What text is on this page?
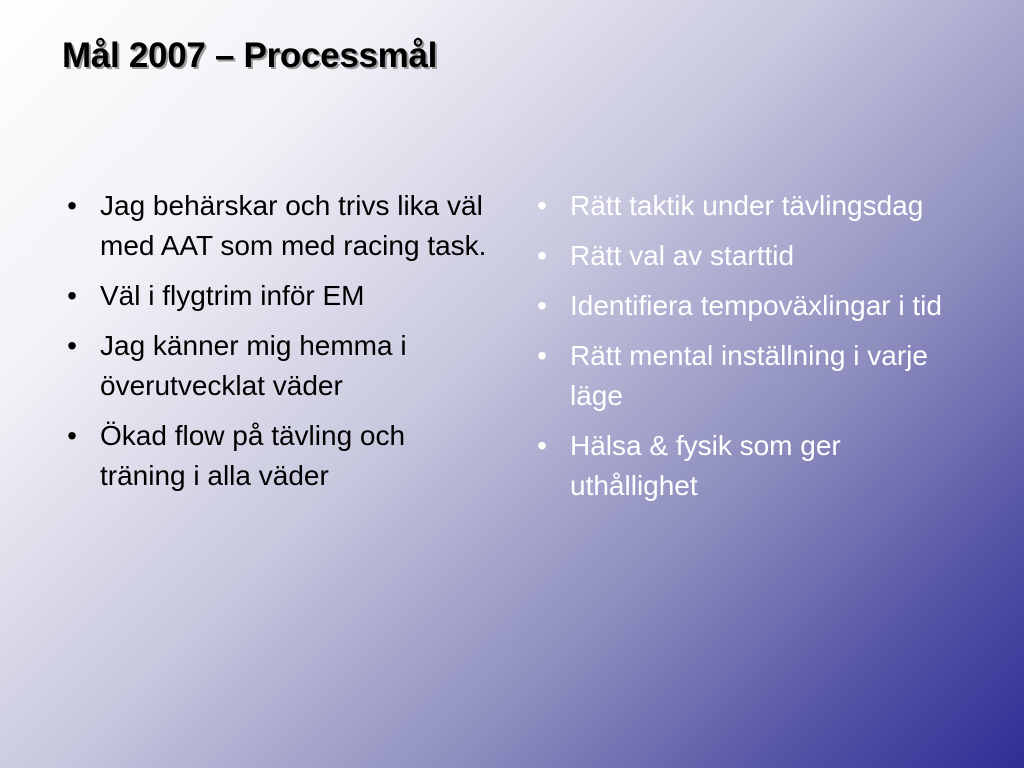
Mål 2007 – Processmål
• Jag behärskar och trivs lika väl med AAT som med racing task.
• Väl i flygtrim inför EM
• Jag känner mig hemma i överutvecklat väder
• Ökad flow på tävling och träning i alla väder
• Rätt taktik under tävlingsdag
• Rätt val av starttid
• Identifiera tempoväxlingar i tid
• Rätt mental inställning i varje läge
• Hälsa & fysik som ger uthållighet
